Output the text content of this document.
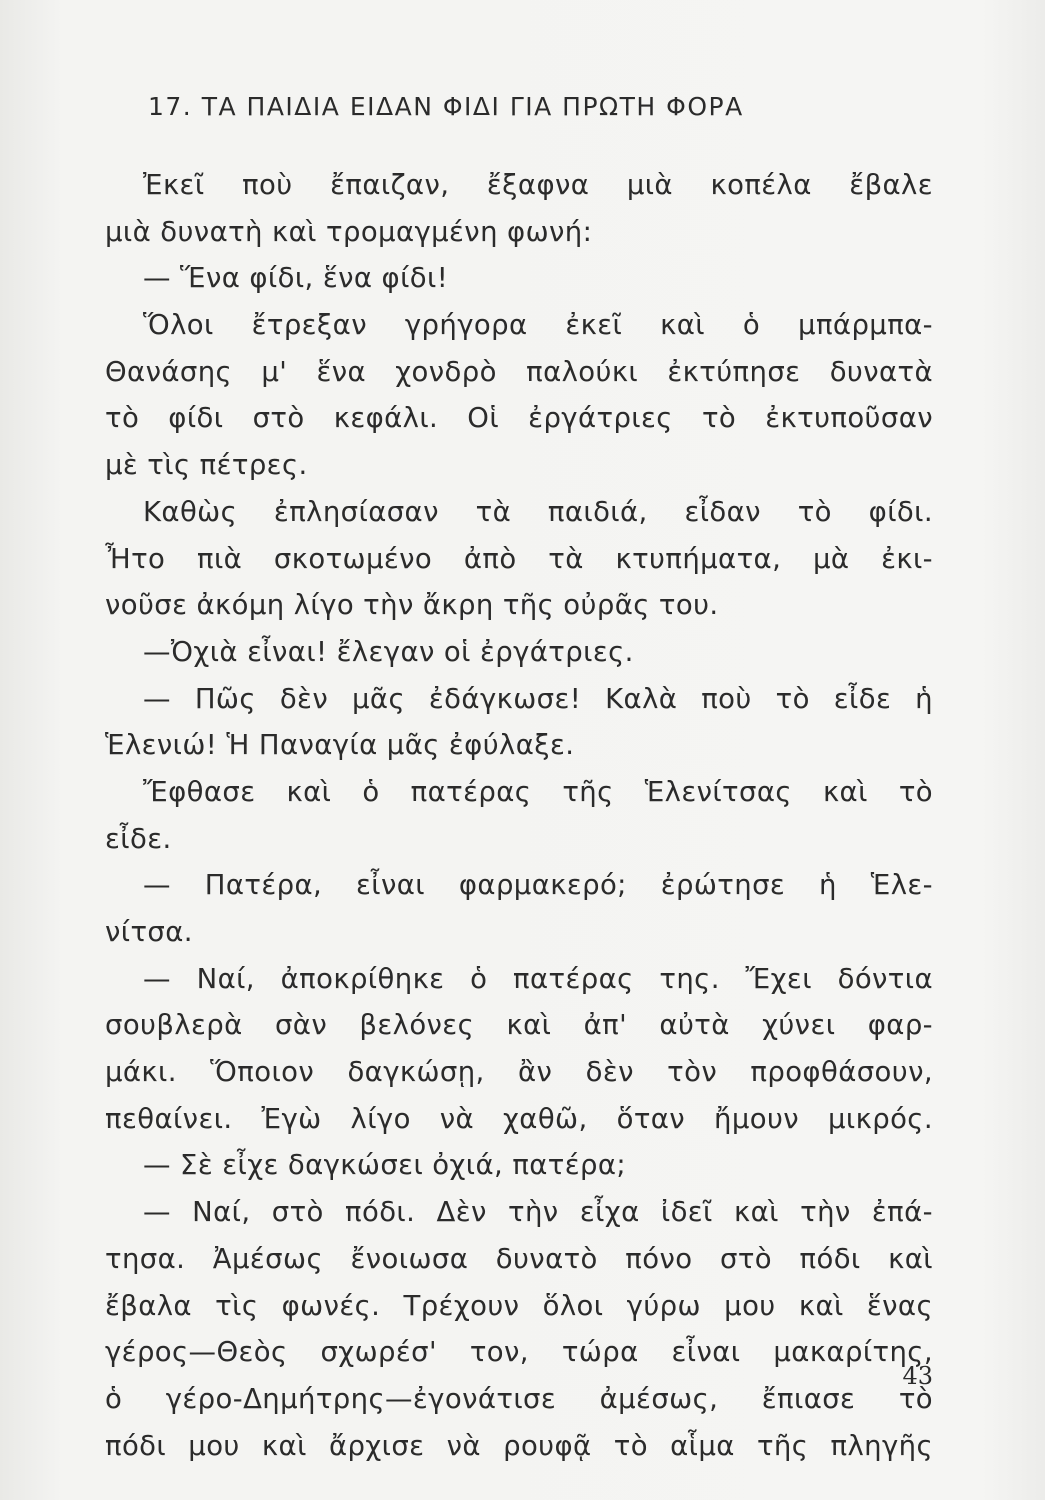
17. ΤΑ ΠΑΙΔΙΑ ΕΙΔΑΝ ΦΙΔΙ ΓΙΑ ΠΡΩΤΗ ΦΟΡΑ
Ἐκεῖ ποὺ ἔπαιζαν, ἔξαφνα μιὰ κοπέλα ἔβαλε
μιὰ δυνατὴ καὶ τρομαγμένη φωνή:
— Ἕνα φίδι, ἕνα φίδι!
Ὅλοι ἔτρεξαν γρήγορα ἐκεῖ καὶ ὁ μπάρμπα-
Θανάσης μ' ἕνα χονδρὸ παλούκι ἐκτύπησε δυνατὰ
τὸ φίδι στὸ κεφάλι. Οἱ ἐργάτριες τὸ ἐκτυποῦσαν
μὲ τὶς πέτρες.
Καθὼς ἐπλησίασαν τὰ παιδιά, εἶδαν τὸ φίδι.
Ἦτο πιὰ σκοτωμένο ἀπὸ τὰ κτυπήματα, μὰ ἐκι-
νοῦσε ἀκόμη λίγο τὴν ἄκρη τῆς οὐρᾶς του.
—Ὀχιὰ εἶναι! ἔλεγαν οἱ ἐργάτριες.
— Πῶς δὲν μᾶς ἐδάγκωσε! Καλὰ ποὺ τὸ εἶδε ἡ
Ἑλενιώ! Ἡ Παναγία μᾶς ἐφύλαξε.
Ἔφθασε καὶ ὁ πατέρας τῆς Ἑλενίτσας καὶ τὸ
εἶδε.
— Πατέρα, εἶναι φαρμακερό; ἐρώτησε ἡ Ἑλε-
νίτσα.
— Ναί, ἀποκρίθηκε ὁ πατέρας της. Ἔχει δόντια
σουβλερὰ σὰν βελόνες καὶ ἀπ' αὐτὰ χύνει φαρ-
μάκι. Ὅποιον δαγκώσῃ, ἂν δὲν τὸν προφθάσουν,
πεθαίνει. Ἐγὼ λίγο νὰ χαθῶ, ὅταν ἤμουν μικρός.
— Σὲ εἶχε δαγκώσει ὀχιά, πατέρα;
— Ναί, στὸ πόδι. Δὲν τὴν εἶχα ἰδεῖ καὶ τὴν ἐπά-
τησα. Ἀμέσως ἔνοιωσα δυνατὸ πόνο στὸ πόδι καὶ
ἔβαλα τὶς φωνές. Τρέχουν ὅλοι γύρω μου καὶ ἕνας
γέρος—Θεὸς σχωρέσ' τον, τώρα εἶναι μακαρίτης,
ὁ γέρο-Δημήτρης—ἐγονάτισε ἀμέσως, ἔπιασε τὸ
πόδι μου καὶ ἄρχισε νὰ ρουφᾷ τὸ αἷμα τῆς πληγῆς
43
